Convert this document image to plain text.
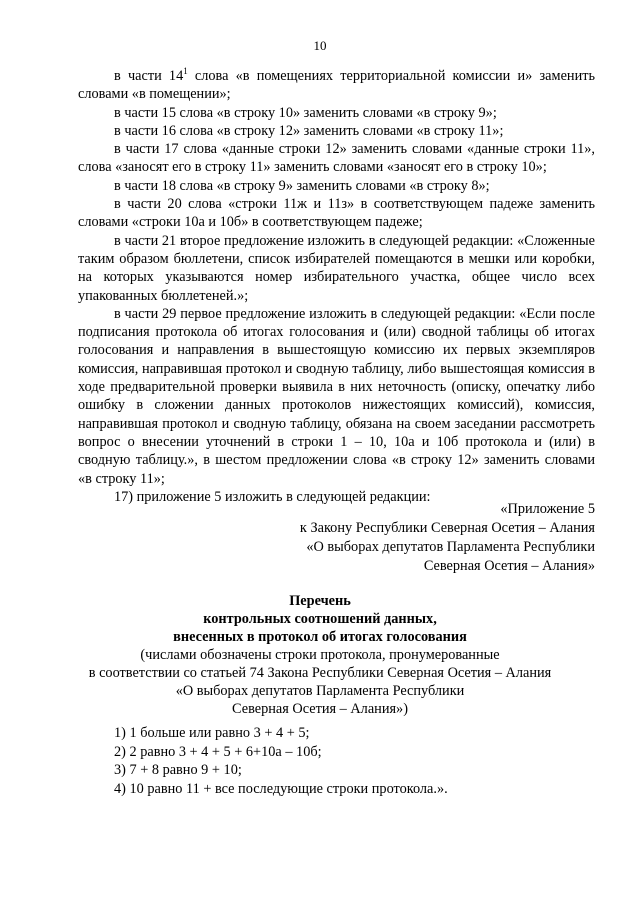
10

в части $14^1$ слова «в помещениях территориальной комиссии и» заменить словами «в помещении»;

в части 15 слова «в строку 10» заменить словами «в строку 9»;

в части 16 слова «в строку 12» заменить словами «в строку 11»;

в части 17 слова «данные строки 12» заменить словами «данные строки 11», слова «заносят его в строку 11» заменить словами «заносят его в строку 10»;

в части 18 слова «в строку 9» заменить словами «в строку 8»;

в части 20 слова «строки 11ж и 11з» в соответствующем падеже заменить словами «строки 10а и 10б» в соответствующем падеже;

в части 21 второе предложение изложить в следующей редакции: «Сложенные таким образом бюллетени, список избирателей помещаются в мешки или коробки, на которых указываются номер избирательного участка, общее число всех упакованных бюллетеней.»;

в части 29 первое предложение изложить в следующей редакции: «Если после подписания протокола об итогах голосования и (или) сводной таблицы об итогах голосования и направления в вышестоящую комиссию их первых экземпляров комиссия, направившая протокол и сводную таблицу, либо вышестоящая комиссия в ходе предварительной проверки выявила в них неточность (описку, опечатку либо ошибку в сложении данных протоколов нижестоящих комиссий), комиссия, направившая протокол и сводную таблицу, обязана на своем заседании рассмотреть вопрос о внесении уточнений в строки 1 – 10, 10а и 10б протокола и (или) в сводную таблицу.», в шестом предложении слова «в строку 12» заменить словами «в строку 11»;

17) приложение 5 изложить в следующей редакции:

«Приложение 5
к Закону Республики Северная Осетия – Алания
«О выборах депутатов Парламента Республики
Северная Осетия – Алания»
Перечень
контрольных соотношений данных,
внесенных в протокол об итогах голосования
(числами обозначены строки протокола, пронумерованные
в соответствии со статьей 74 Закона Республики Северная Осетия – Алания
«О выборах депутатов Парламента Республики
Северная Осетия – Алания»)
1) 1 больше или равно 3 + 4 + 5;
2) 2 равно 3 + 4 + 5 + 6+10а – 10б;
3) 7 + 8 равно 9 + 10;
4) 10 равно 11 + все последующие строки протокола.».
